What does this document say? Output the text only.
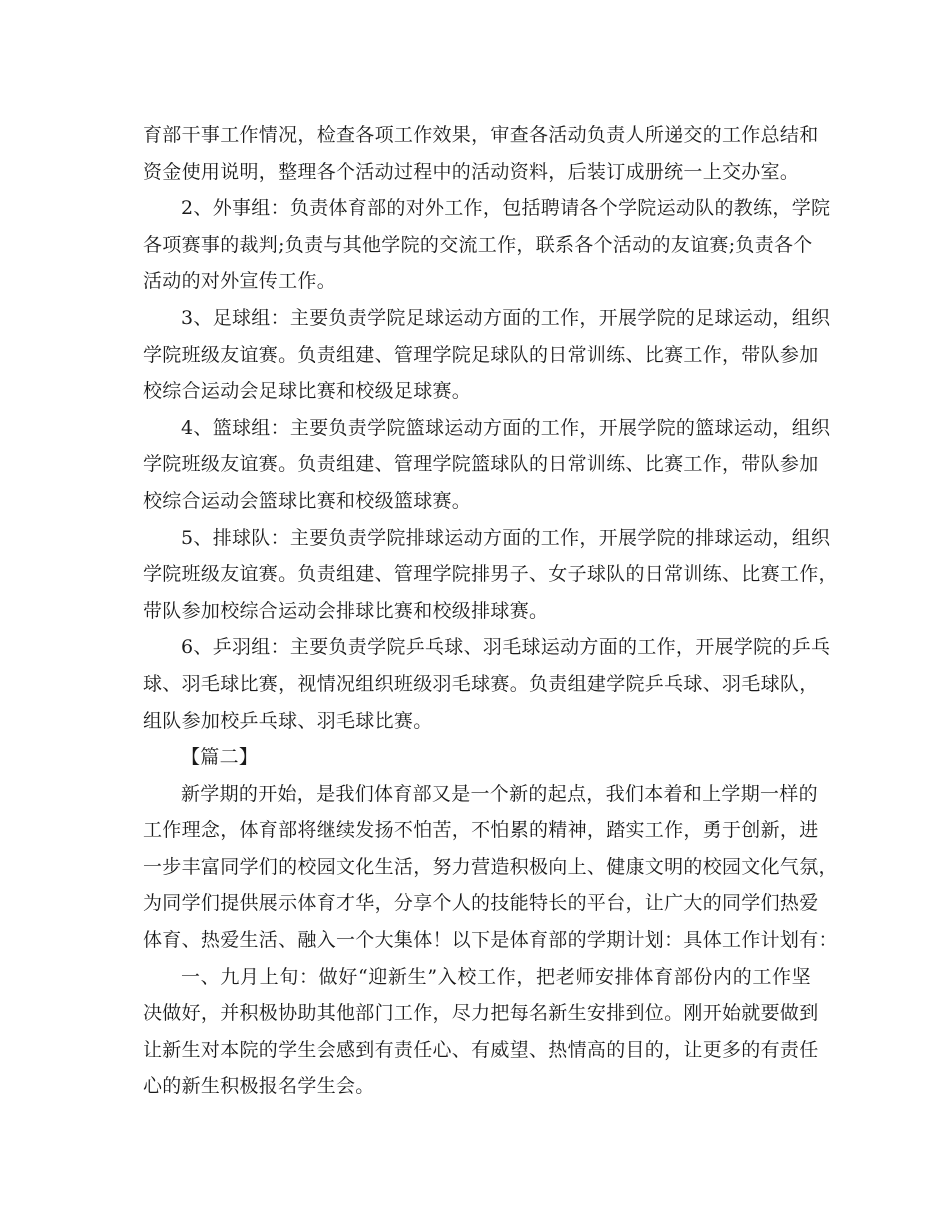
育部干事工作情况，检查各项工作效果，审查各活动负责人所递交的工作总结和
资金使用说明，整理各个活动过程中的活动资料，后装订成册统一上交办室。
2、外事组：负责体育部的对外工作，包括聘请各个学院运动队的教练，学院
各项赛事的裁判;负责与其他学院的交流工作，联系各个活动的友谊赛;负责各个
活动的对外宣传工作。
3、足球组：主要负责学院足球运动方面的工作，开展学院的足球运动，组织
学院班级友谊赛。负责组建、管理学院足球队的日常训练、比赛工作，带队参加
校综合运动会足球比赛和校级足球赛。
4、篮球组：主要负责学院篮球运动方面的工作，开展学院的篮球运动，组织
学院班级友谊赛。负责组建、管理学院篮球队的日常训练、比赛工作，带队参加
校综合运动会篮球比赛和校级篮球赛。
5、排球队：主要负责学院排球运动方面的工作，开展学院的排球运动，组织
学院班级友谊赛。负责组建、管理学院排男子、女子球队的日常训练、比赛工作，
带队参加校综合运动会排球比赛和校级排球赛。
6、乒羽组：主要负责学院乒乓球、羽毛球运动方面的工作，开展学院的乒乓
球、羽毛球比赛，视情况组织班级羽毛球赛。负责组建学院乒乓球、羽毛球队，
组队参加校乒乓球、羽毛球比赛。
【篇二】
新学期的开始，是我们体育部又是一个新的起点，我们本着和上学期一样的
工作理念，体育部将继续发扬不怕苦，不怕累的精神，踏实工作，勇于创新，进
一步丰富同学们的校园文化生活，努力营造积极向上、健康文明的校园文化气氛，
为同学们提供展示体育才华，分享个人的技能特长的平台，让广大的同学们热爱
体育、热爱生活、融入一个大集体！以下是体育部的学期计划：具体工作计划有：
一、九月上旬：做好“迎新生”入校工作，把老师安排体育部份内的工作坚
决做好，并积极协助其他部门工作，尽力把每名新生安排到位。刚开始就要做到
让新生对本院的学生会感到有责任心、有威望、热情高的目的，让更多的有责任
心的新生积极报名学生会。
